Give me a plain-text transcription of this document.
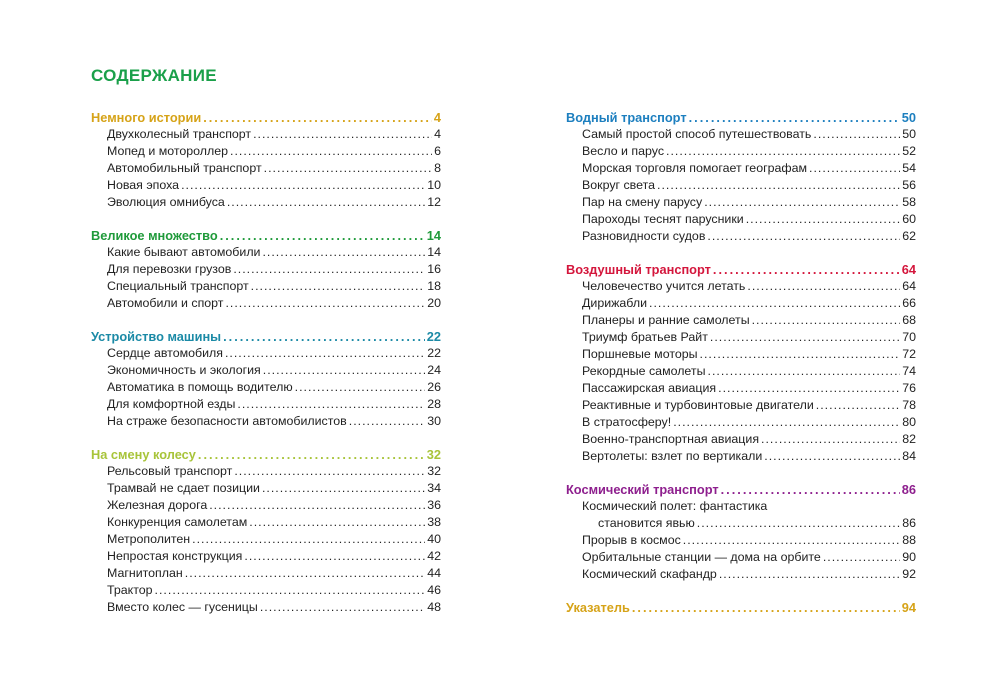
СОДЕРЖАНИЕ
Немного истории .....	4
Двухколесный транспорт .....	4
Мопед и мотороллер .....	6
Автомобильный транспорт .....	8
Новая эпоха .....	10
Эволюция омнибуса .....	12
Великое множество .....	14
Какие бывают автомобили .....	14
Для перевозки грузов .....	16
Специальный транспорт .....	18
Автомобили и спорт .....	20
Устройство машины .....	22
Сердце автомобиля .....	22
Экономичность и экология .....	24
Автоматика в помощь водителю .....	26
Для комфортной езды .....	28
На страже безопасности автомобилистов .....	30
На смену колесу .....	32
Рельсовый транспорт .....	32
Трамвай не сдает позиции .....	34
Железная дорога .....	36
Конкуренция самолетам .....	38
Метрополитен .....	40
Непростая конструкция .....	42
Магнитоплан .....	44
Трактор .....	46
Вместо колес — гусеницы .....	48
Водный транспорт .....	50
Самый простой способ путешествовать .....	50
Весло и парус .....	52
Морская торговля помогает географам .....	54
Вокруг света .....	56
Пар на смену парусу .....	58
Пароходы теснят парусники .....	60
Разновидности судов .....	62
Воздушный транспорт .....	64
Человечество учится летать .....	64
Дирижабли .....	66
Планеры и ранние самолеты .....	68
Триумф братьев Райт .....	70
Поршневые моторы .....	72
Рекордные самолеты .....	74
Пассажирская авиация .....	76
Реактивные и турбовинтовые двигатели .....	78
В стратосферу! .....	80
Военно-транспортная авиация .....	82
Вертолеты: взлет по вертикали .....	84
Космический транспорт .....	86
Космический полет: фантастика
становится явью .....	86
Прорыв в космос .....	88
Орбитальные станции — дома на орбите .....	90
Космический скафандр .....	92
Указатель .....	94
